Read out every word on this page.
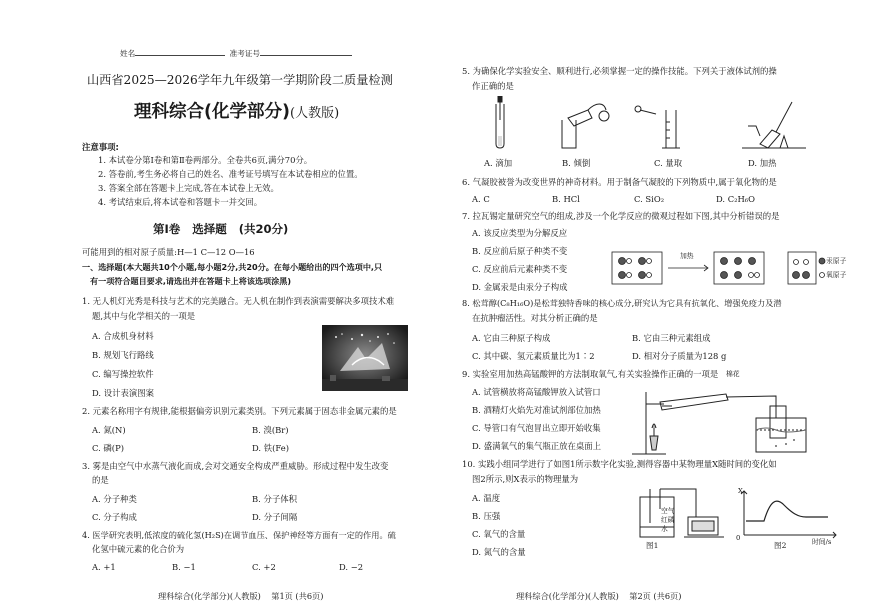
姓名	准考证号
山西省2025—2026学年九年级第一学期阶段二质量检测
理科综合(化学部分)(人教版)
注意事项:
1. 本试卷分第Ⅰ卷和第Ⅱ卷两部分。全卷共6页,满分70分。
2. 答卷前,考生务必将自己的姓名、准考证号填写在本试卷相应的位置。
3. 答案全部在答题卡上完成,答在本试卷上无效。
4. 考试结束后,将本试卷和答题卡一并交回。
第Ⅰ卷   选择题   (共20分)
可能用到的相对原子质量:H—1 C—12 O—16
一、选择题(本大题共10个小题,每小题2分,共20分。在每小题给出的四个选项中,只
有一项符合题目要求,请选出并在答题卡上将该选项涂黑)
1. 无人机灯光秀是科技与艺术的完美融合。无人机在制作到表演需要解决多项技术难
题,其中与化学相关的一项是
A. 合成机身材料
B. 规划飞行路线
C. 编写操控软件
D. 设计表演图案
2. 元素名称用字有规律,能根据偏旁识别元素类别。下列元素属于固态非金属元素的是
A. 氮(N)	B. 溴(Br)
C. 磷(P)	D. 铁(Fe)
3. 雾是由空气中水蒸气液化而成,会对交通安全构成严重威胁。形成过程中发生改变
的是
A. 分子种类	B. 分子体积
C. 分子构成	D. 分子间隔
4. 医学研究表明,低浓度的硫化氢(H₂S)在调节血压、保护神经等方面有一定的作用。硫
化氢中硫元素的化合价为
A. +1	B. −1	C. +2	D. −2
理科综合(化学部分)(人教版)    第1页 (共6页)
5. 为确保化学实验安全、顺利进行,必须掌握一定的操作技能。下列关于液体试剂的操
作正确的是
A. 滴加	B. 倾倒	C. 量取	D. 加热
6. 气凝胶被誉为改变世界的神奇材料。用于制备气凝胶的下列物质中,属于氧化物的是
A. C	B. HCl	C. SiO₂	D. C₂H₆O
7. 拉瓦锡定量研究空气的组成,涉及一个化学反应的微观过程如下图,其中分析错误的是
A. 该反应类型为分解反应
B. 反应前后原子种类不变
C. 反应前后元素种类不变
D. 金属汞是由汞分子构成
加热
汞原子
氧原子
8. 松茸醇(C₈H₁₆O)是松茸独特香味的核心成分,研究认为它具有抗氧化、增强免疫力及潜
在抗肿瘤活性。对其分析正确的是
A. 它由三种原子构成	B. 它由三种元素组成
C. 其中碳、氢元素质量比为1∶2	D. 相对分子质量为128 g
9. 实验室用加热高锰酸钾的方法制取氧气,有关实验操作正确的一项是
A. 试管横放将高锰酸钾放入试管口
B. 酒精灯火焰先对准试剂部位加热
C. 导管口有气泡冒出立即开始收集
D. 盛满氧气的集气瓶正放在桌面上
棉花
10. 实践小组同学进行了如图1所示数字化实验,测得容器中某物理量X随时间的变化如
图2所示,则X表示的物理量为
A. 温度
B. 压强
C. 氧气的含量
D. 氮气的含量
空气
红磷
水
图1
X
0	时间/s
图2
理科综合(化学部分)(人教版)    第2页 (共6页)
